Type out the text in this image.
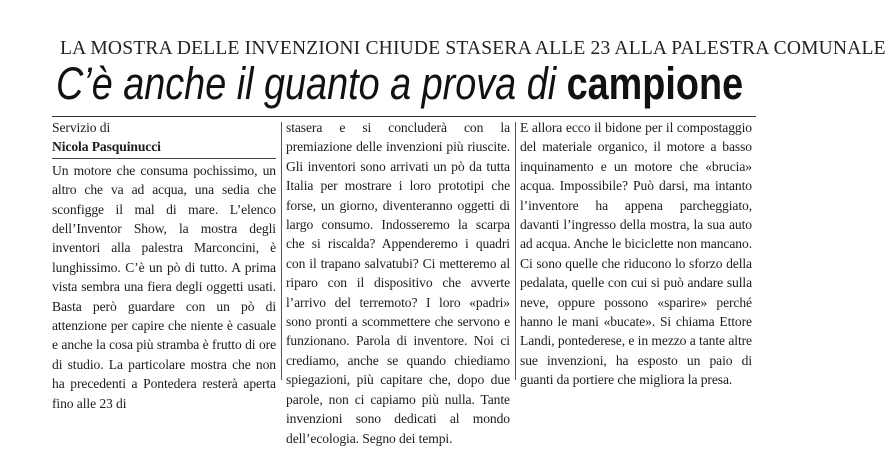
LA MOSTRA DELLE INVENZIONI CHIUDE STASERA ALLE 23 ALLA PALESTRA COMUNALE
C’è anche il guanto a prova di campione
Servizio di
Nicola Pasquinucci

Un motore che consuma pochissimo, un altro che va ad acqua, una sedia che sconfigge il mal di mare. L’elenco dell’Inventor Show, la mostra degli inventori alla palestra Marconcini, è lunghissimo. C’è un pò di tutto. A prima vista sembra una fiera degli oggetti usati. Basta però guardare con un pò di attenzione per capire che niente è casuale e anche la cosa più stramba è frutto di ore di studio. La particolare mostra che non ha precedenti a Pontedera resterà aperta fino alle 23 di

stasera e si concluderà con la premiazione delle invenzioni più riuscite. Gli inventori sono arrivati un pò da tutta Italia per mostrare i loro prototipi che forse, un giorno, diventeranno oggetti di largo consumo. Indosseremo la scarpa che si riscalda? Appenderemo i quadri con il trapano salvatubi? Ci metteremo al riparo con il dispositivo che avverte l’arrivo del terremoto? I loro «padri» sono pronti a scommettere che servono e funzionano. Parola di inventore. Noi ci crediamo, anche se quando chiediamo spiegazioni, più capitare che, dopo due parole, non ci capiamo più nulla. Tante invenzioni sono dedicati al mondo dell’ecologia. Segno dei tempi.

E allora ecco il bidone per il compostaggio del materiale organico, il motore a basso inquinamento e un motore che «brucia» acqua. Impossibile? Può darsi, ma intanto l’inventore ha appena parcheggiato, davanti l’ingresso della mostra, la sua auto ad acqua. Anche le biciclette non mancano. Ci sono quelle che riducono lo sforzo della pedalata, quelle con cui si può andare sulla neve, oppure possono «sparire» perché hanno le mani «bucate». Si chiama Ettore Landi, pontederese, e in mezzo a tante altre sue invenzioni, ha esposto un paio di guanti da portiere che migliora la presa.
